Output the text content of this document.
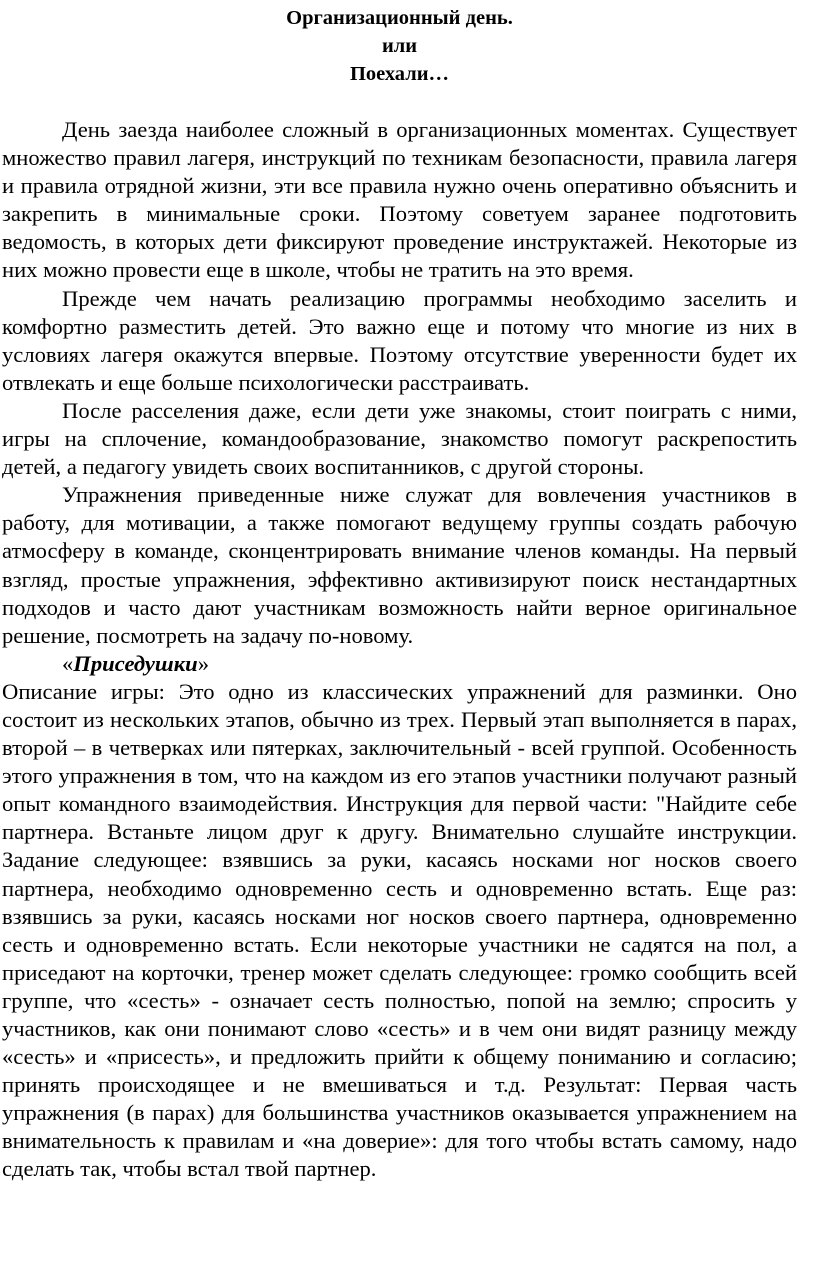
Организационный день.

или

Поехали…

День заезда наиболее сложный в организационных моментах. Существует множество правил лагеря, инструкций по техникам безопасности, правила лагеря и правила отрядной жизни, эти все правила нужно очень оперативно объяснить и закрепить в минимальные сроки. Поэтому советуем заранее подготовить ведомость, в которых дети фиксируют проведение инструктажей. Некоторые из них можно провести еще в школе, чтобы не тратить на это время.

Прежде чем начать реализацию программы необходимо заселить и комфортно разместить детей. Это важно еще и потому что многие из них в условиях лагеря окажутся впервые. Поэтому отсутствие уверенности будет их отвлекать и еще больше психологически расстраивать.

После расселения даже, если дети уже знакомы, стоит поиграть с ними, игры на сплочение, командообразование, знакомство помогут раскрепостить детей, а педагогу увидеть своих воспитанников, с другой стороны.

Упражнения приведенные ниже служат для вовлечения участников в работу, для мотивации, а также помогают ведущему группы создать рабочую атмосферу в команде, сконцентрировать внимание членов команды. На первый взгляд, простые упражнения, эффективно активизируют поиск нестандартных подходов и часто дают участникам возможность найти верное оригинальное решение, посмотреть на задачу по-новому.

«Приседушки»

Описание игры: Это одно из классических упражнений для разминки. Оно состоит из нескольких этапов, обычно из трех. Первый этап выполняется в парах, второй – в четверках или пятерках, заключительный - всей группой. Особенность этого упражнения в том, что на каждом из его этапов участники получают разный опыт командного взаимодействия. Инструкция для первой части: "Найдите себе партнера. Встаньте лицом друг к другу. Внимательно слушайте инструкции. Задание следующее: взявшись за руки, касаясь носками ног носков своего партнера, необходимо одновременно сесть и одновременно встать. Еще раз: взявшись за руки, касаясь носками ног носков своего партнера, одновременно сесть и одновременно встать. Если некоторые участники не садятся на пол, а приседают на корточки, тренер может сделать следующее: громко сообщить всей группе, что «сесть» - означает сесть полностью, попой на землю; спросить у участников, как они понимают слово «сесть» и в чем они видят разницу между «сесть» и «присесть», и предложить прийти к общему пониманию и согласию; принять происходящее и не вмешиваться и т.д. Результат: Первая часть упражнения (в парах) для большинства участников оказывается упражнением на внимательность к правилам и «на доверие»: для того чтобы встать самому, надо сделать так, чтобы встал твой партнер.
